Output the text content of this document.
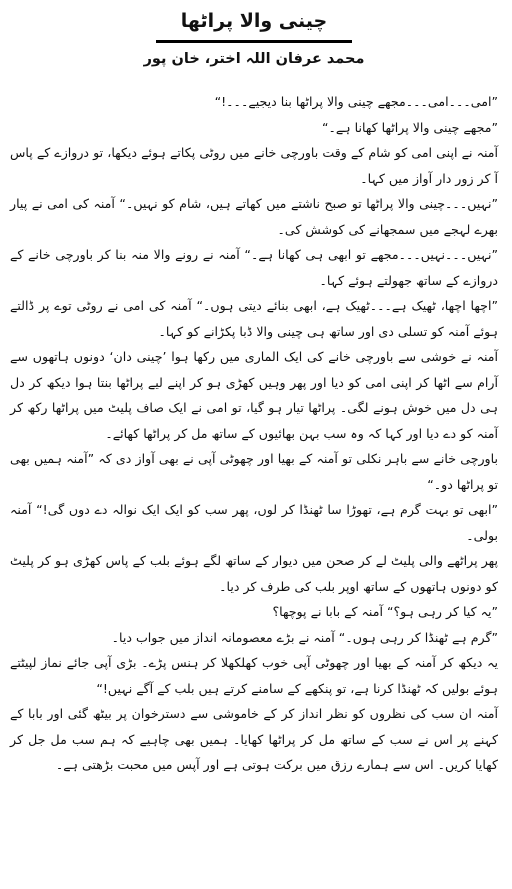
چینی والا پراٹھا
محمد عرفان اللہ اختر، خان پور

”امی۔۔۔امی۔۔۔مجھے چینی والا پراٹھا بنا دیجیے۔۔۔!“

”مجھے چینی والا پراٹھا کھانا ہے۔“

آمنہ نے اپنی امی کو شام کے وقت باورچی خانے میں روٹی پکاتے ہوئے دیکھا، تو دروازے کے پاس آ کر زور دار آواز میں کہا۔

”نہیں۔۔۔چینی والا پراٹھا تو صبح ناشتے میں کھاتے ہیں، شام کو نہیں۔“ آمنہ کی امی نے پیار بھرے لہجے میں سمجھانے کی کوشش کی۔

”نہیں۔۔۔نہیں۔۔۔مجھے تو ابھی ہی کھانا ہے۔“ آمنہ نے رونے والا منہ بنا کر باورچی خانے کے دروازے کے ساتھ جھولتے ہوئے کہا۔

”اچھا اچھا، ٹھیک ہے۔۔۔ٹھیک ہے، ابھی بنائے دیتی ہوں۔“ آمنہ کی امی نے روٹی توے پر ڈالتے ہوئے آمنہ کو تسلی دی اور ساتھ ہی چینی والا ڈبا پکڑانے کو کہا۔

آمنہ نے خوشی سے باورچی خانے کی ایک الماری میں رکھا ہوا ’چینی دان‘ دونوں ہاتھوں سے آرام سے اٹھا کر اپنی امی کو دیا اور پھر وہیں کھڑی ہو کر اپنے لیے پراٹھا بنتا ہوا دیکھ کر دل ہی دل میں خوش ہونے لگی۔ پراٹھا تیار ہو گیا، تو امی نے ایک صاف پلیٹ میں پراٹھا رکھ کر آمنہ کو دے دیا اور کہا کہ وہ سب بہن بھائیوں کے ساتھ مل کر پراٹھا کھائے۔

باورچی خانے سے باہر نکلی تو آمنہ کے بھیا اور چھوٹی آپی نے بھی آواز دی کہ ”آمنہ ہمیں بھی تو پراٹھا دو۔“

”ابھی تو بہت گرم ہے، تھوڑا سا ٹھنڈا کر لوں، پھر سب کو ایک ایک نوالہ دے دوں گی!“ آمنہ بولی۔

پھر پراٹھے والی پلیٹ لے کر صحن میں دیوار کے ساتھ لگے ہوئے بلب کے پاس کھڑی ہو کر پلیٹ کو دونوں ہاتھوں کے ساتھ اوپر بلب کی طرف کر دیا۔

”یہ کیا کر رہی ہو؟“ آمنہ کے بابا نے پوچھا؟

”گرم ہے ٹھنڈا کر رہی ہوں۔“ آمنہ نے بڑے معصومانہ انداز میں جواب دیا۔

یہ دیکھ کر آمنہ کے بھیا اور چھوٹی آپی خوب کھلکھلا کر ہنس پڑے۔ بڑی آپی جائے نماز لپیٹتے ہوئے بولیں کہ ٹھنڈا کرنا ہے، تو پنکھے کے سامنے کرتے ہیں بلب کے آگے نہیں!“

آمنہ ان سب کی نظروں کو نظر انداز کر کے خاموشی سے دسترخوان پر بیٹھ گئی اور بابا کے کہنے پر اس نے سب کے ساتھ مل کر پراٹھا کھایا۔ ہمیں بھی چاہیے کہ ہم سب مل جل کر کھایا کریں۔ اس سے ہمارے رزق میں برکت ہوتی ہے اور آپس میں محبت بڑھتی ہے۔
